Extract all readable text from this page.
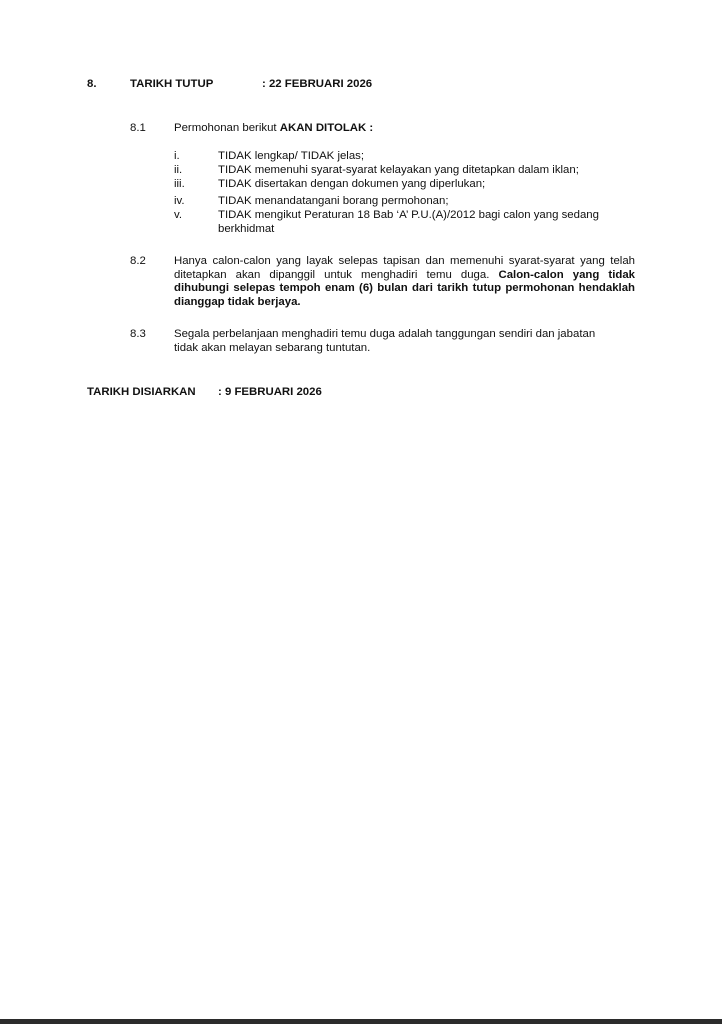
8.	TARIKH TUTUP	: 22 FEBRUARI 2026
8.1	Permohonan berikut AKAN DITOLAK :
i.	TIDAK lengkap/ TIDAK jelas;
ii.	TIDAK memenuhi syarat-syarat kelayakan yang ditetapkan dalam iklan;
iii.	TIDAK disertakan dengan dokumen yang diperlukan;
iv.	TIDAK menandatangani borang permohonan;
v.	TIDAK mengikut Peraturan 18 Bab ‘A’ P.U.(A)/2012 bagi calon yang sedang berkhidmat
8.2	Hanya calon-calon yang layak selepas tapisan dan memenuhi syarat-syarat yang telah ditetapkan akan dipanggil untuk menghadiri temu duga. Calon-calon yang tidak dihubungi selepas tempoh enam (6) bulan dari tarikh tutup permohonan hendaklah dianggap tidak berjaya.
8.3	Segala perbelanjaan menghadiri temu duga adalah tanggungan sendiri dan jabatan tidak akan melayan sebarang tuntutan.
TARIKH DISIARKAN : 9 FEBRUARI 2026
